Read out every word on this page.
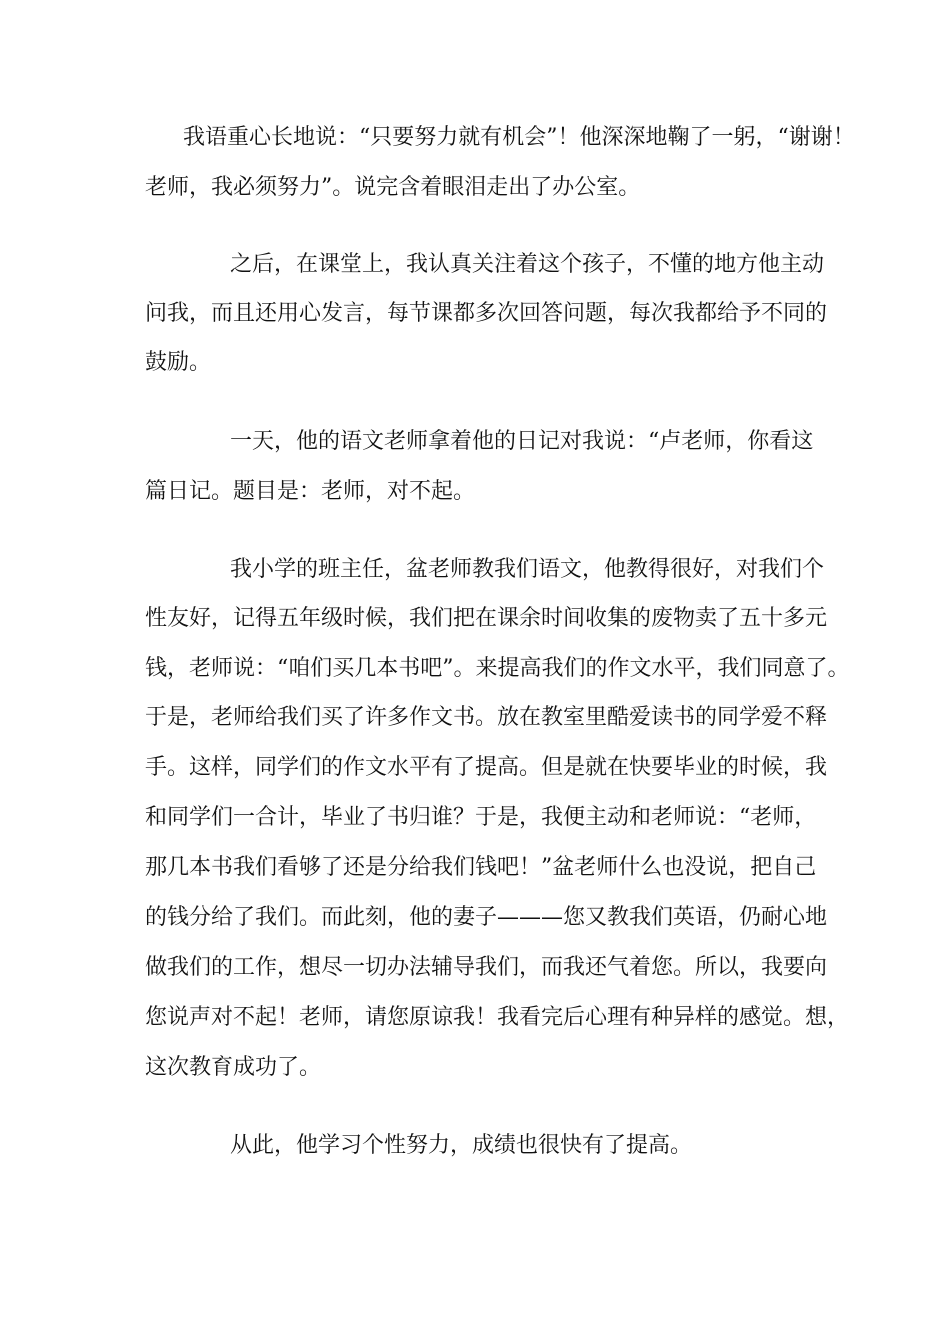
我语重心长地说：“只要努力就有机会”！他深深地鞠了一躬，“谢谢！
老师，我必须努力”。说完含着眼泪走出了办公室。
之后，在课堂上，我认真关注着这个孩子，不懂的地方他主动
问我，而且还用心发言，每节课都多次回答问题，每次我都给予不同的
鼓励。
一天，他的语文老师拿着他的日记对我说：“卢老师，你看这
篇日记。题目是：老师，对不起。
我小学的班主任，盆老师教我们语文，他教得很好，对我们个
性友好，记得五年级时候，我们把在课余时间收集的废物卖了五十多元
钱，老师说：“咱们买几本书吧”。来提高我们的作文水平，我们同意了。
于是，老师给我们买了许多作文书。放在教室里酷爱读书的同学爱不释
手。这样，同学们的作文水平有了提高。但是就在快要毕业的时候，我
和同学们一合计，毕业了书归谁？于是，我便主动和老师说：“老师，
那几本书我们看够了还是分给我们钱吧！”盆老师什么也没说，把自己
的钱分给了我们。而此刻，他的妻子———您又教我们英语，仍耐心地
做我们的工作，想尽一切办法辅导我们，而我还气着您。所以，我要向
您说声对不起！老师，请您原谅我！我看完后心理有种异样的感觉。想，
这次教育成功了。
从此，他学习个性努力，成绩也很快有了提高。
